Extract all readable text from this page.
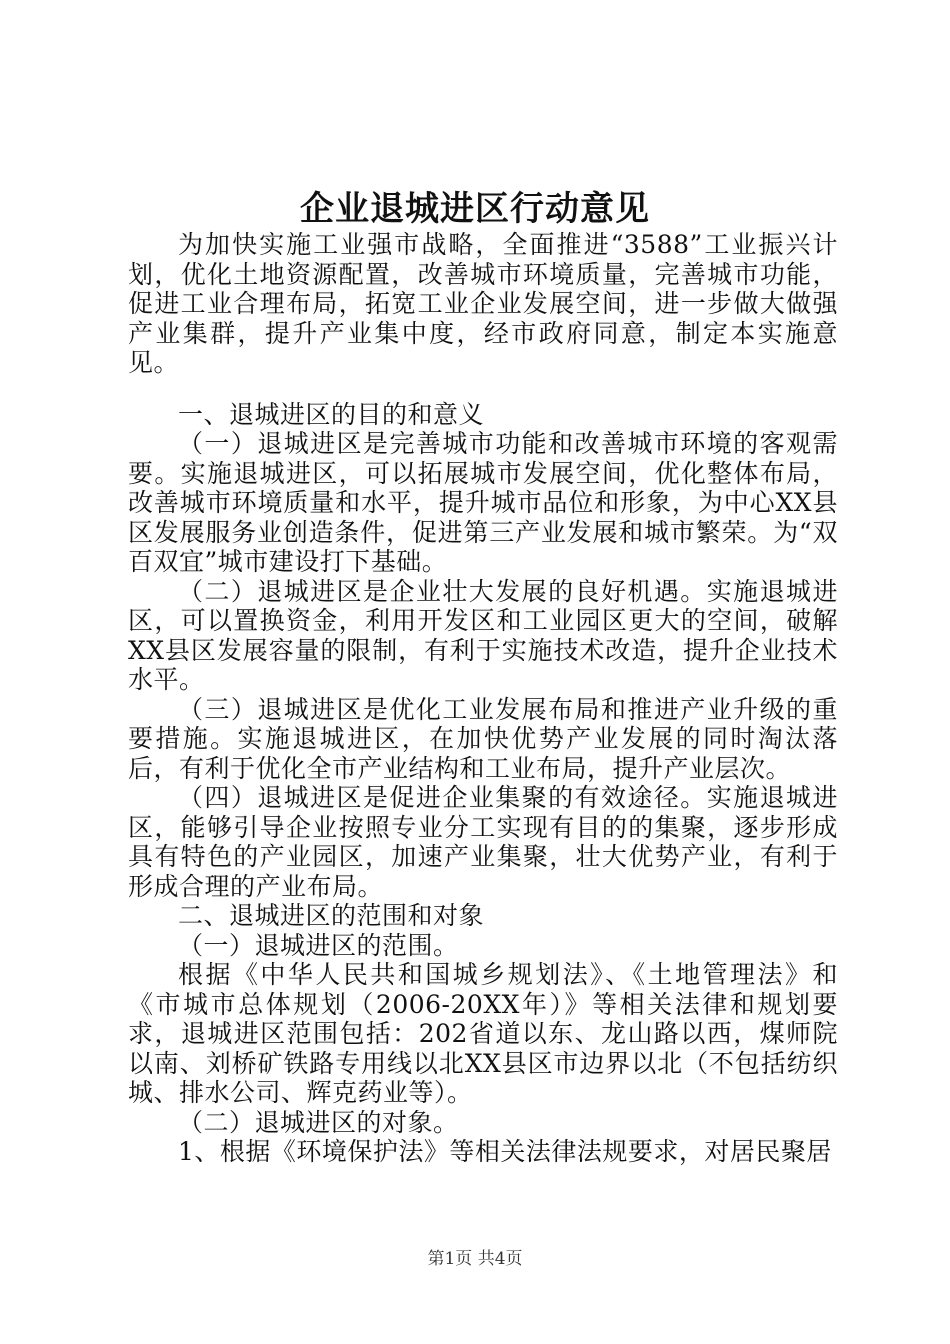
企业退城进区行动意见

为加快实施工业强市战略，全面推进“3588”工业振兴计划，优化土地资源配置，改善城市环境质量，完善城市功能，促进工业合理布局，拓宽工业企业发展空间，进一步做大做强产业集群，提升产业集中度，经市政府同意，制定本实施意见。

一、退城进区的目的和意义

（一）退城进区是完善城市功能和改善城市环境的客观需要。实施退城进区，可以拓展城市发展空间，优化整体布局，改善城市环境质量和水平，提升城市品位和形象，为中心XX县区发展服务业创造条件，促进第三产业发展和城市繁荣。为“双百双宜”城市建设打下基础。

（二）退城进区是企业壮大发展的良好机遇。实施退城进区，可以置换资金，利用开发区和工业园区更大的空间，破解XX县区发展容量的限制，有利于实施技术改造，提升企业技术水平。

（三）退城进区是优化工业发展布局和推进产业升级的重要措施。实施退城进区，在加快优势产业发展的同时淘汰落后，有利于优化全市产业结构和工业布局，提升产业层次。

（四）退城进区是促进企业集聚的有效途径。实施退城进区，能够引导企业按照专业分工实现有目的的集聚，逐步形成具有特色的产业园区，加速产业集聚，壮大优势产业，有利于形成合理的产业布局。

二、退城进区的范围和对象

（一）退城进区的范围。

根据《中华人民共和国城乡规划法》、《土地管理法》和《市城市总体规划（2006-20XX年）》等相关法律和规划要求，退城进区范围包括：202省道以东、龙山路以西，煤师院以南、刘桥矿铁路专用线以北XX县区市边界以北（不包括纺织城、排水公司、辉克药业等）。

（二）退城进区的对象。

1、根据《环境保护法》等相关法律法规要求，对居民聚居

第1页 共4页
